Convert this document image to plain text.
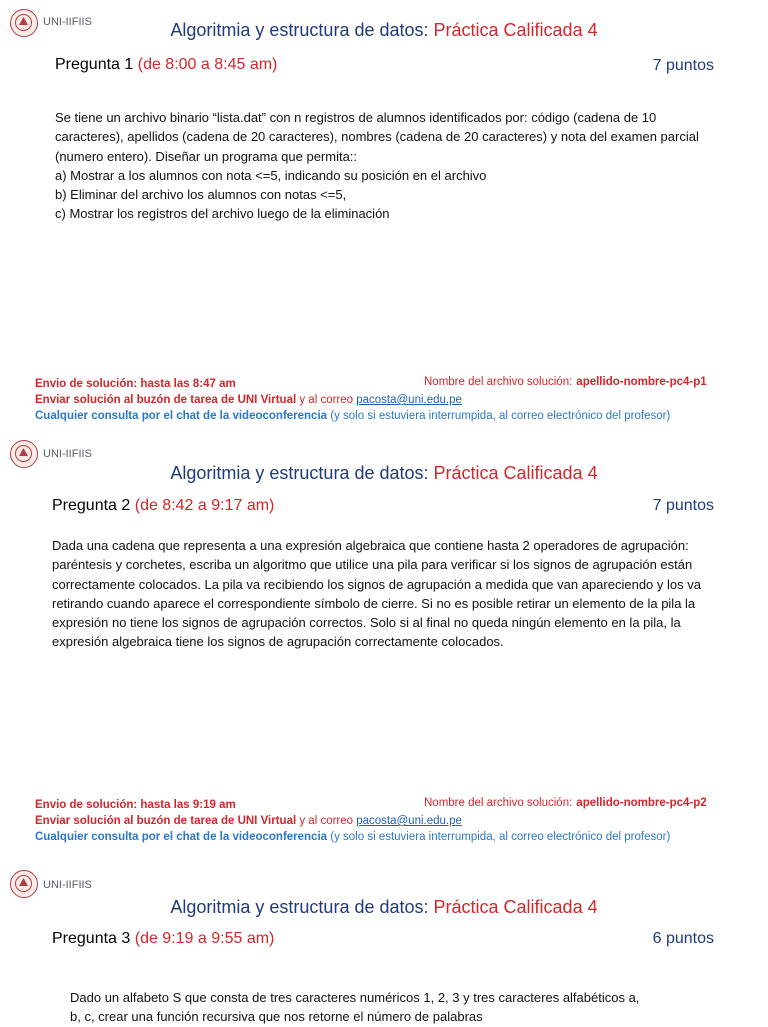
UNI-IIFIIS	Algoritmia y estructura de datos: Práctica Calificada 4
Pregunta 1 (de 8:00 a 8:45 am)	7 puntos

Se tiene un archivo binario “lista.dat” con n registros de alumnos identificados por: código (cadena de 10 caracteres), apellidos (cadena de 20 caracteres), nombres (cadena de 20 caracteres) y nota del examen parcial (numero entero). Diseñar un programa que permita::

a) Mostrar a los alumnos con nota <=5, indicando su posición en el archivo
b) Eliminar del archivo los alumnos con notas <=5,
c) Mostrar los registros del archivo luego de la eliminación
Envio de solución: hasta las 8:47 am
Enviar solución al buzón de tarea de UNI Virtual y al correo pacosta@uni.edu.pe
Cualquier consulta por el chat de la videoconferencia (y solo si estuviera interrumpida, al correo electrónico del profesor)
Nombre del archivo solución: apellido-nombre-pc4-p1
UNI-IIFIIS
Algoritmia y estructura de datos: Práctica Calificada 4
Pregunta 2 (de 8:42 a 9:17 am)	7 puntos

Dada una cadena que representa a una expresión algebraica que contiene hasta 2 operadores de agrupación: paréntesis y corchetes, escriba un algoritmo que utilice una pila para verificar si los signos de agrupación están correctamente colocados. La pila va recibiendo los signos de agrupación a medida que van apareciendo y los va retirando cuando aparece el correspondiente símbolo de cierre. Si no es posible retirar un elemento de la pila la expresión no tiene los signos de agrupación correctos. Solo si al final no queda ningún elemento en la pila, la expresión algebraica tiene los signos de agrupación correctamente colocados.

Envio de solución: hasta las 9:19 am
Enviar solución al buzón de tarea de UNI Virtual y al correo pacosta@uni.edu.pe
Cualquier consulta por el chat de la videoconferencia (y solo si estuviera interrumpida, al correo electrónico del profesor)
Nombre del archivo solución: apellido-nombre-pc4-p2
UNI-IIFIIS
Algoritmia y estructura de datos: Práctica Calificada 4
Pregunta 3 (de 9:19 a 9:55 am)	6 puntos

Dado un alfabeto S que consta de tres caracteres numéricos 1, 2, 3 y tres caracteres alfabéticos a, b, c, crear una función recursiva que nos retorne el número de palabras
